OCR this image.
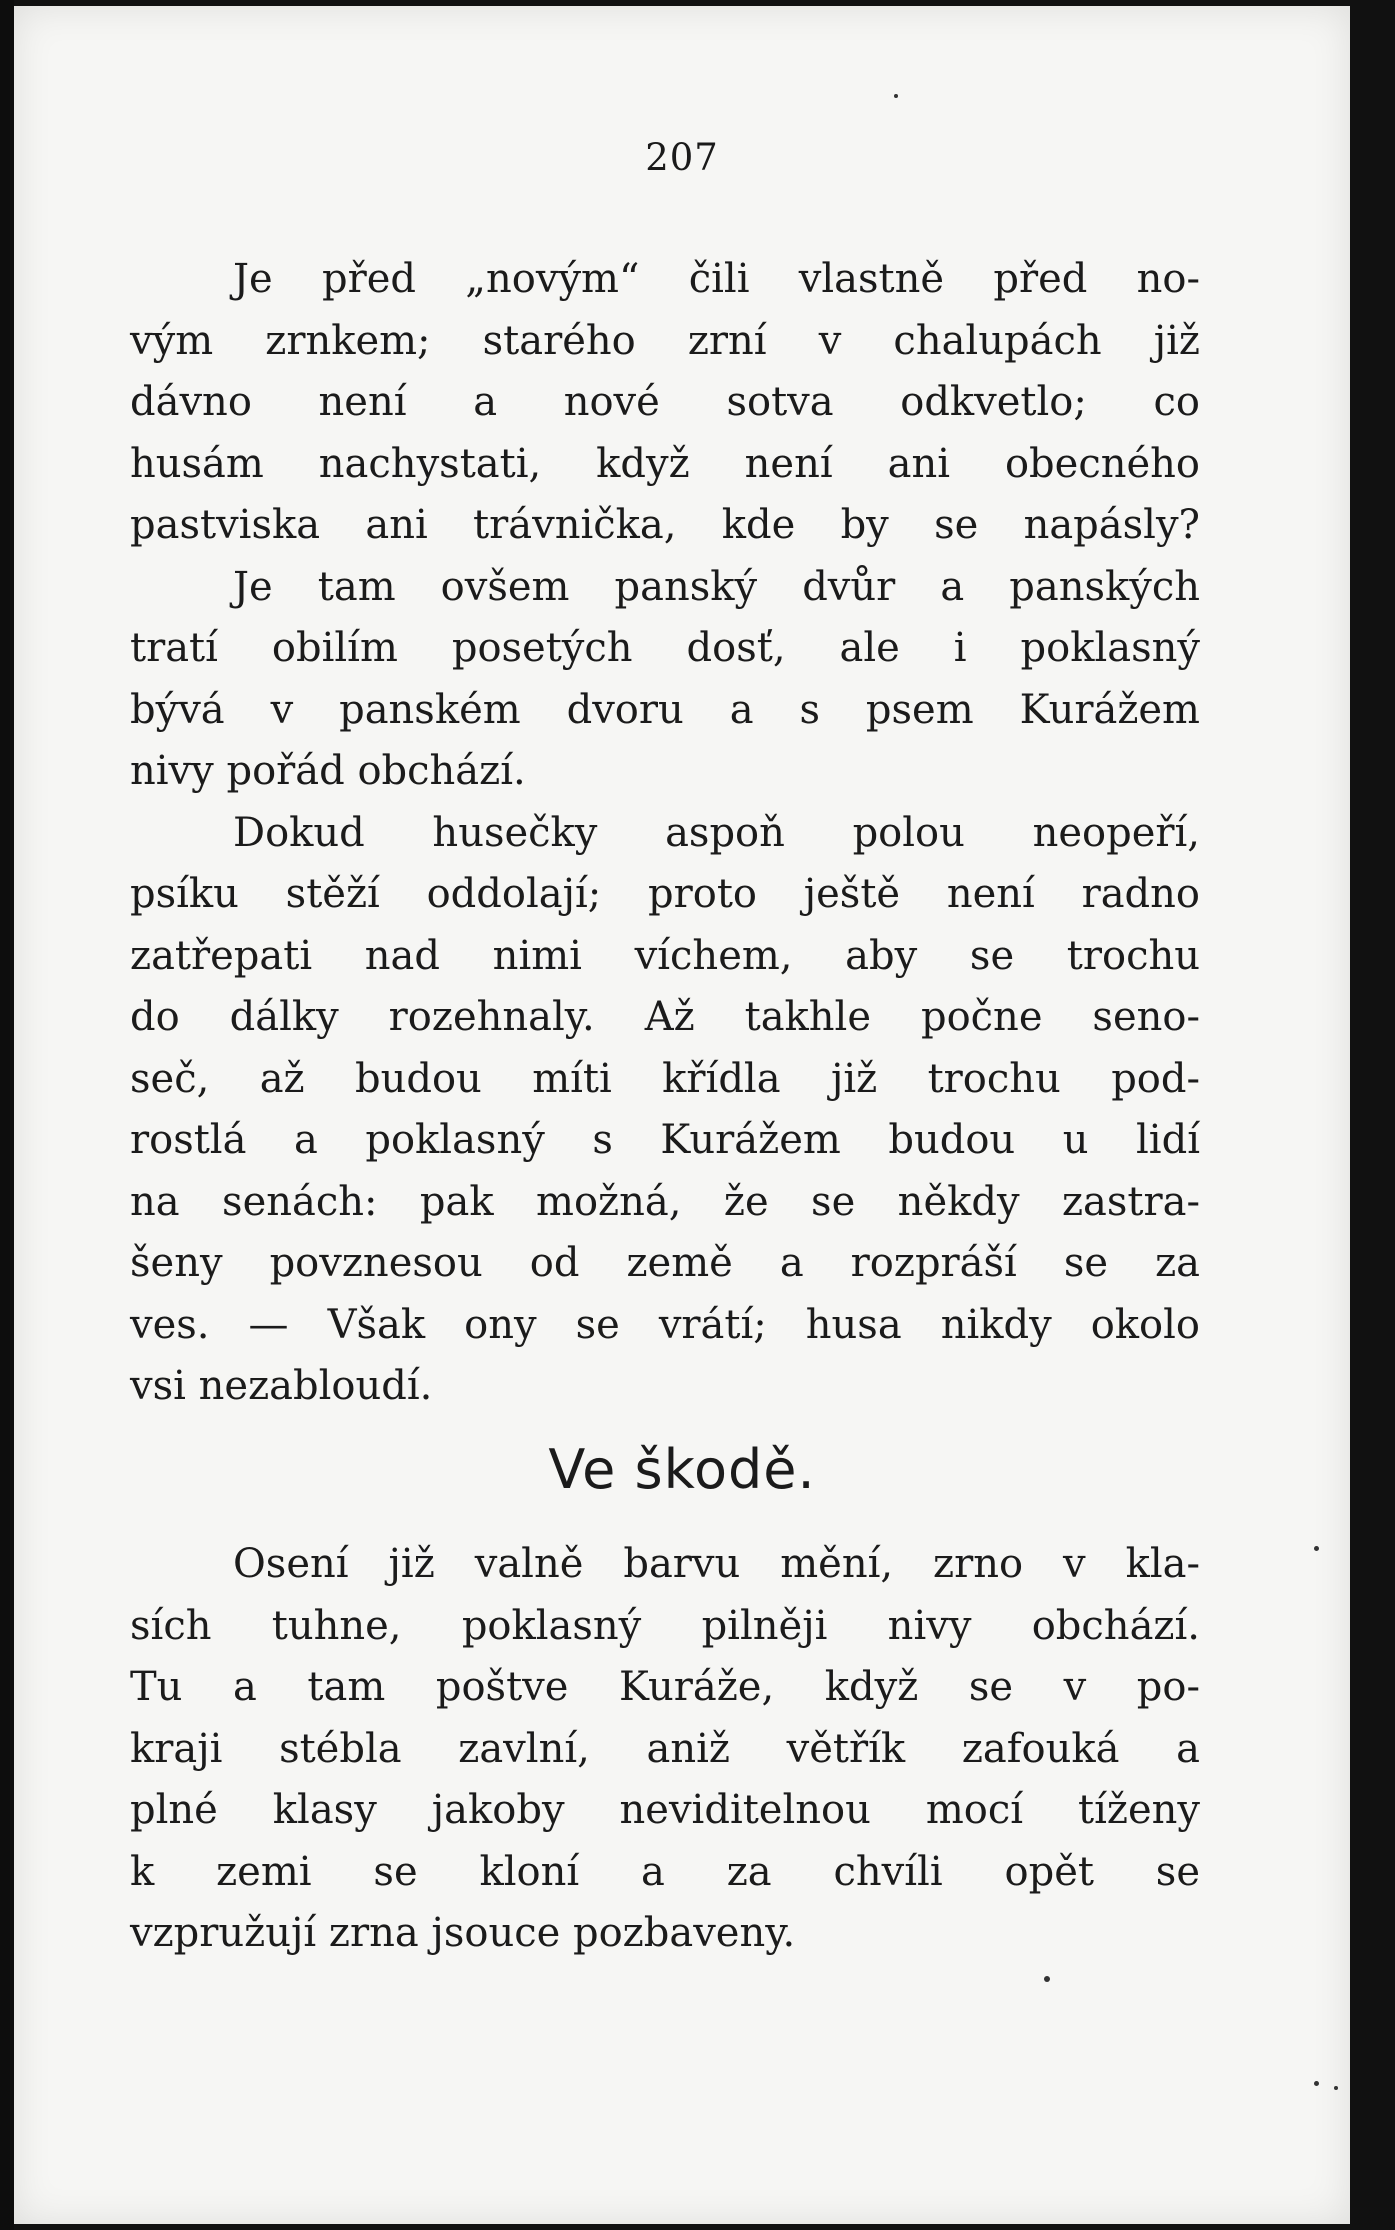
207
Je před „novým“ čili vlastně před no-
vým zrnkem; starého zrní v chalupách již
dávno není a nové sotva odkvetlo; co
husám nachystati, když není ani obecného
pastviska ani trávnička, kde by se napásly?
Je tam ovšem panský dvůr a panských
tratí obilím posetých dosť, ale i poklasný
bývá v panském dvoru a s psem Kurážem
nivy pořád obchází.
Dokud husečky aspoň polou neopeří,
psíku stěží oddolají; proto ještě není radno
zatřepati nad nimi víchem, aby se trochu
do dálky rozehnaly. Až takhle počne seno-
seč, až budou míti křídla již trochu pod-
rostlá a poklasný s Kurážem budou u lidí
na senách: pak možná, že se někdy zastra-
šeny povznesou od země a rozpráší se za
ves. — Však ony se vrátí; husa nikdy okolo
vsi nezabloudí.
Ve škodě.
Osení již valně barvu mění, zrno v kla-
sích tuhne, poklasný pilněji nivy obchází.
Tu a tam poštve Kuráže, když se v po-
kraji stébla zavlní, aniž větřík zafouká a
plné klasy jakoby neviditelnou mocí tíženy
k zemi se kloní a za chvíli opět se
vzpružují zrna jsouce pozbaveny.
